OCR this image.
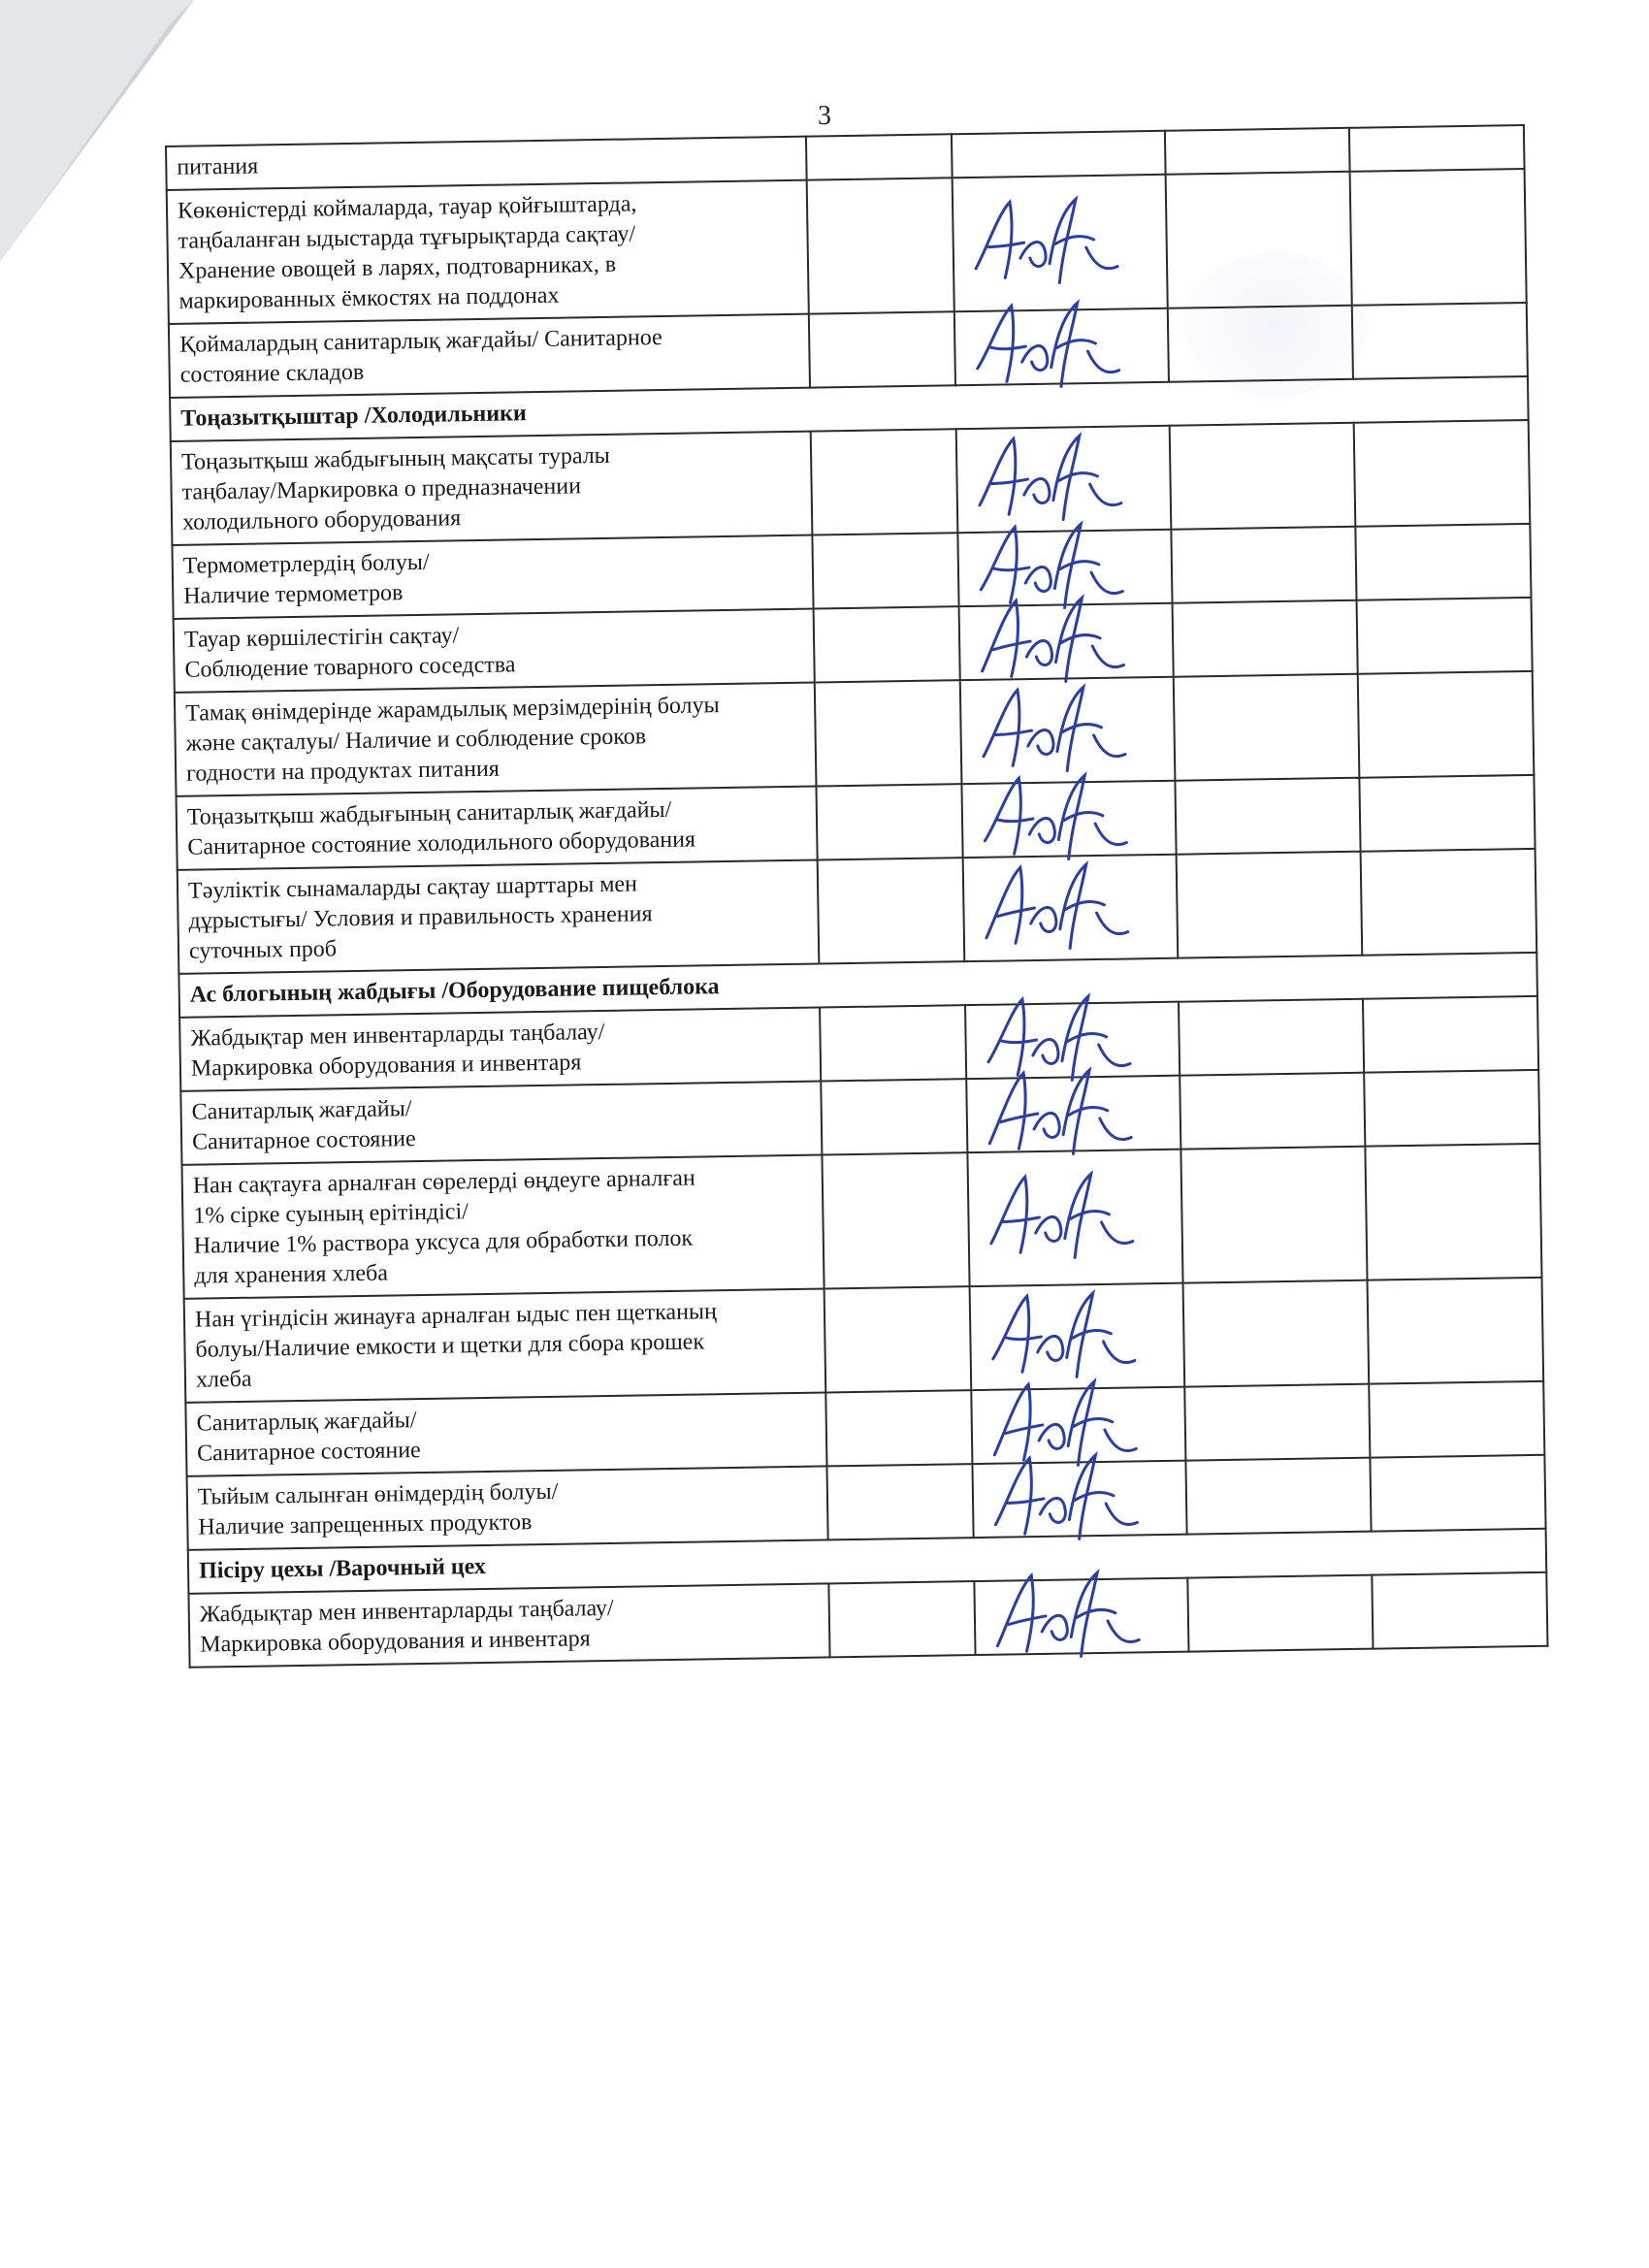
3
питания				

Көкөністерді коймаларда, тауар қойғыштарда,
таңбаланған ыдыстарда тұғырықтарда сақтау/
Хранение овощей в ларях, подтоварниках, в
маркированных ёмкостях на поддонах

Қоймалардың санитарлық жағдайы/ Санитарное
состояние складов

Тоңазытқыштар /Холодильники				

Тоңазытқыш жабдығының мақсаты туралы
таңбалау/Маркировка о предназначении
холодильного оборудования

Термометрлердің болуы/
Наличие термометров

Тауар көршілестігін сақтау/
Соблюдение товарного соседства

Тамақ өнімдерінде жарамдылық мерзімдерінің болуы
және сақталуы/ Наличие и соблюдение сроков
годности на продуктах питания

Тоңазытқыш жабдығының санитарлық жағдайы/
Санитарное состояние холодильного оборудования

Тәуліктік сынамаларды сақтау шарттары мен
дұрыстығы/ Условия и правильность хранения
суточных проб

Ас блогының жабдығы /Оборудование пищеблока				

Жабдықтар мен инвентарларды таңбалау/
Маркировка оборудования и инвентаря

Санитарлық жағдайы/
Санитарное состояние

Нан сақтауға арналған сөрелерді өңдеуге арналған
1% сірке суының ерітіндісі/
Наличие 1% раствора уксуса для обработки полок
для хранения хлеба

Нан үгіндісін жинауға арналған ыдыс пен щетканың
болуы/Наличие емкости и щетки для сбора крошек
хлеба

Санитарлық жағдайы/
Санитарное состояние

Тыйым салынған өнімдердің болуы/
Наличие запрещенных продуктов

Пісіру цехы /Варочный цех				

Жабдықтар мен инвентарларды таңбалау/
Маркировка оборудования и инвентаря
